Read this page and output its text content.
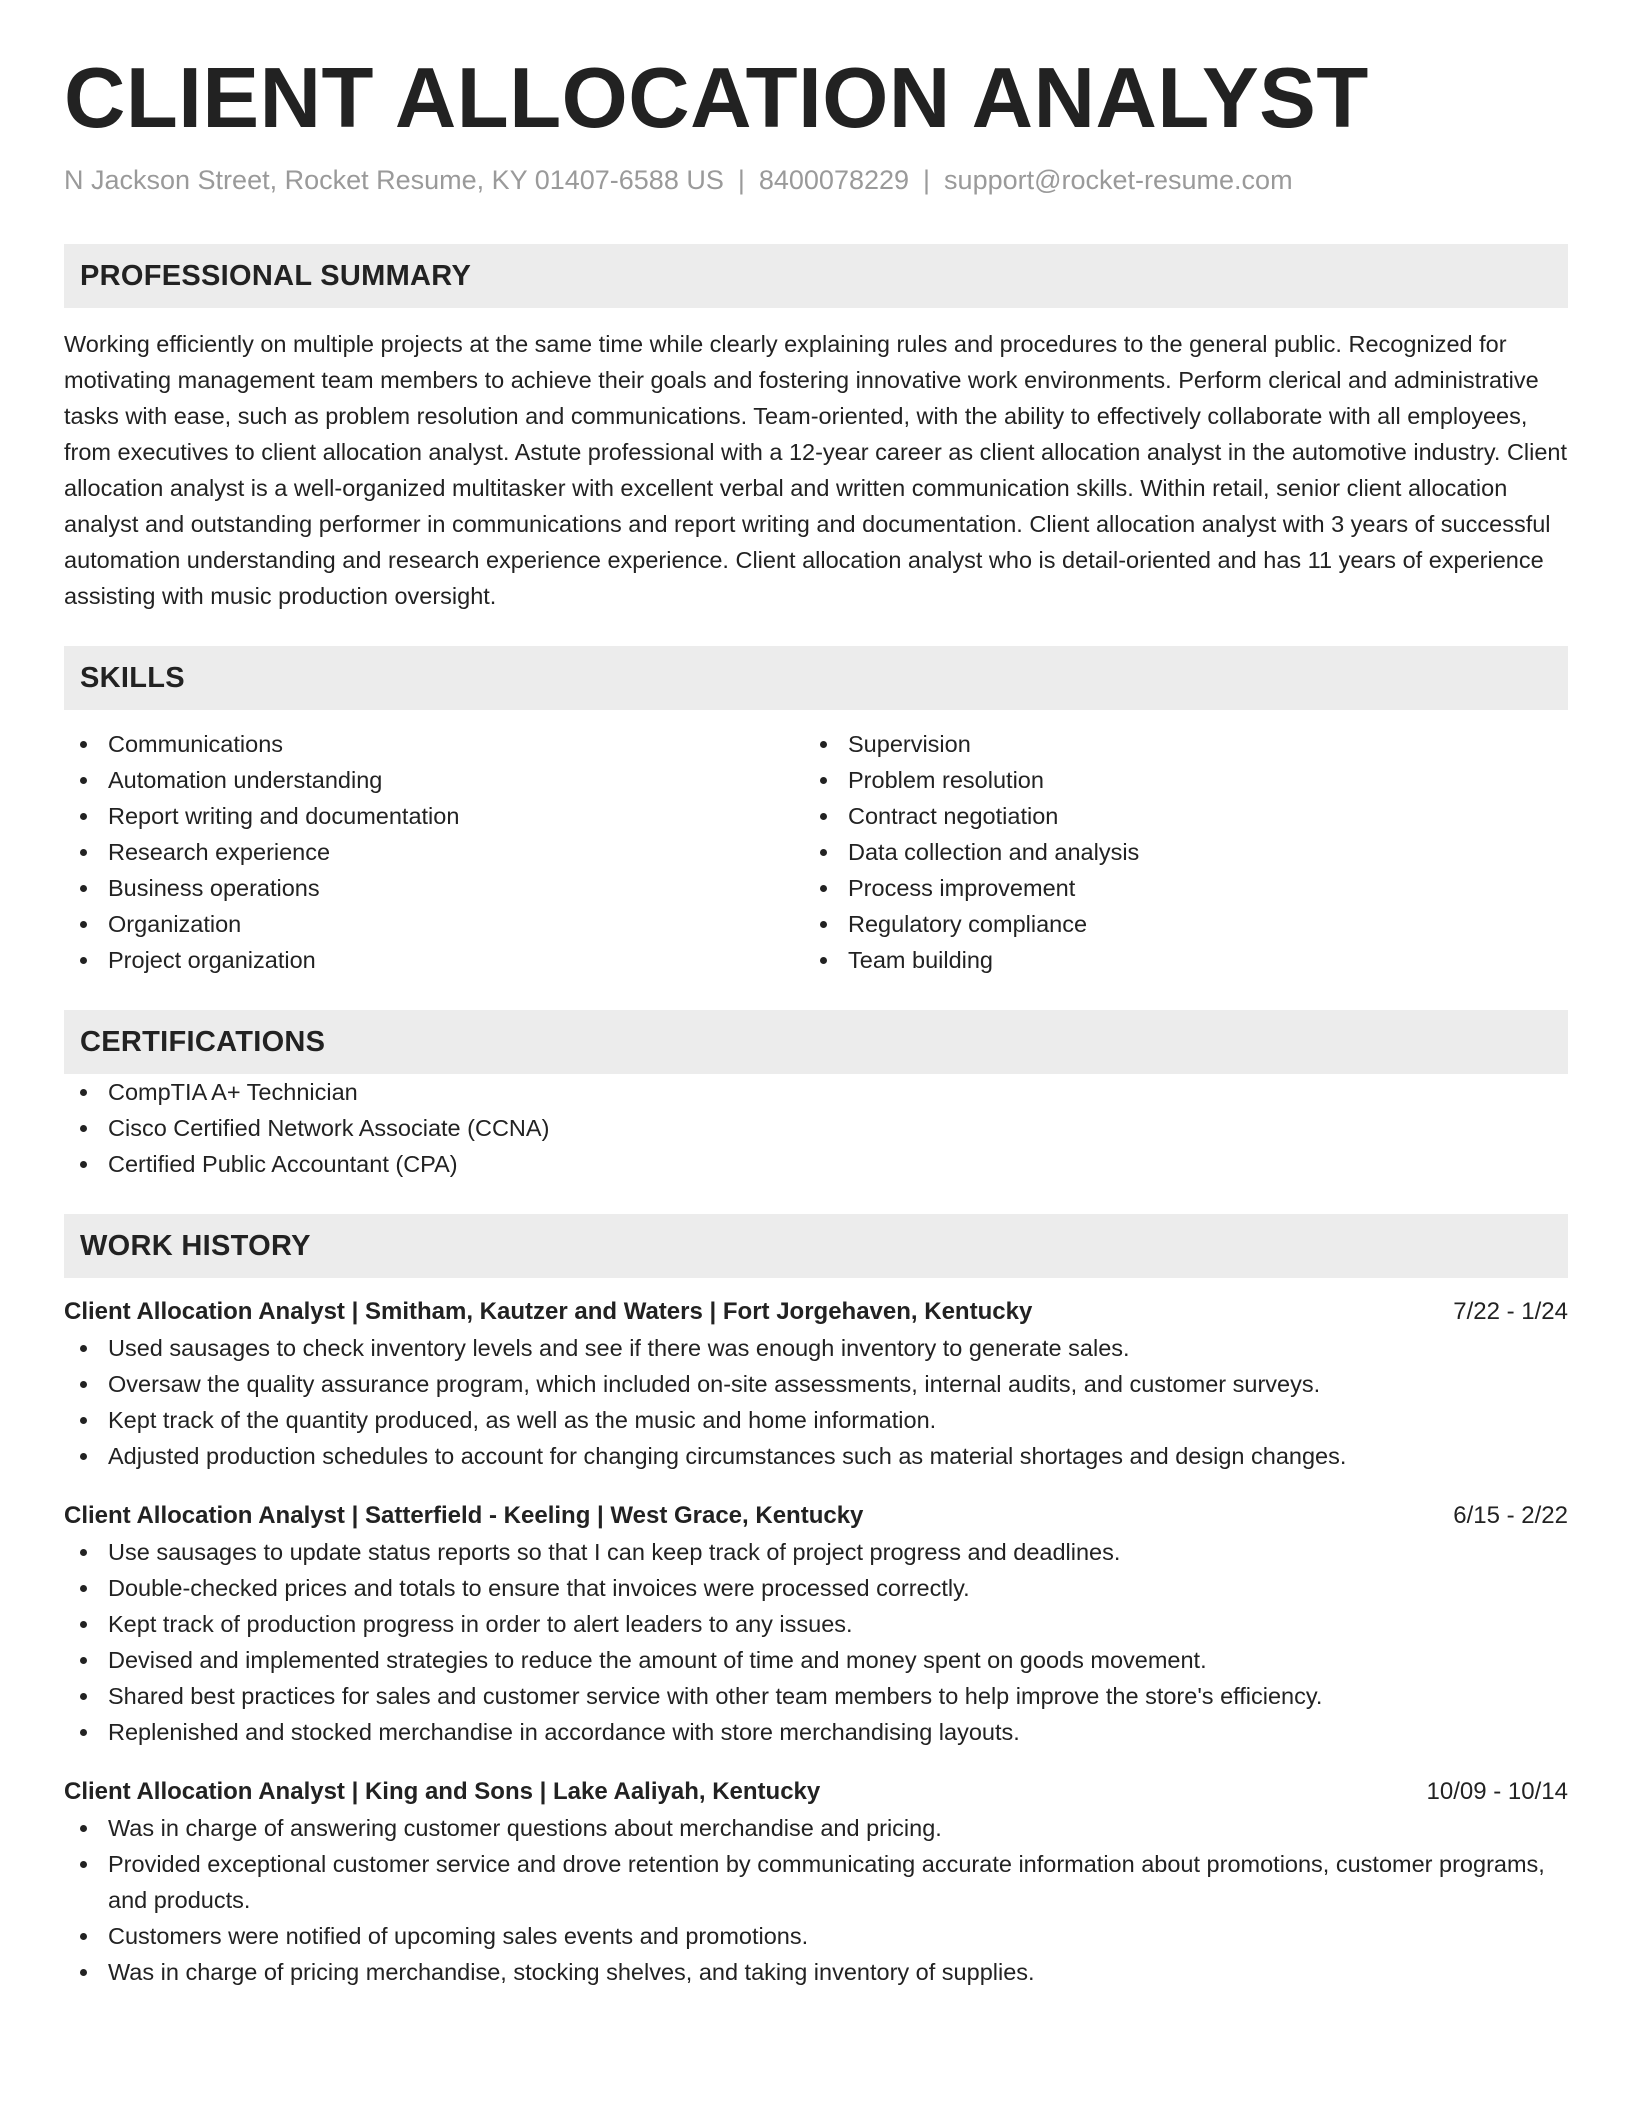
CLIENT ALLOCATION ANALYST
N Jackson Street, Rocket Resume, KY 01407-6588 US | 8400078229 | support@rocket-resume.com
PROFESSIONAL SUMMARY

Working efficiently on multiple projects at the same time while clearly explaining rules and procedures to the general public. Recognized for motivating management team members to achieve their goals and fostering innovative work environments. Perform clerical and administrative tasks with ease, such as problem resolution and communications. Team-oriented, with the ability to effectively collaborate with all employees, from executives to client allocation analyst. Astute professional with a 12-year career as client allocation analyst in the automotive industry. Client allocation analyst is a well-organized multitasker with excellent verbal and written communication skills. Within retail, senior client allocation analyst and outstanding performer in communications and report writing and documentation. Client allocation analyst with 3 years of successful automation understanding and research experience experience. Client allocation analyst who is detail-oriented and has 11 years of experience assisting with music production oversight.

SKILLS
Communications
Automation understanding
Report writing and documentation
Research experience
Business operations
Organization
Project organization
Supervision
Problem resolution
Contract negotiation
Data collection and analysis
Process improvement
Regulatory compliance
Team building
CERTIFICATIONS
CompTIA A+ Technician
Cisco Certified Network Associate (CCNA)
Certified Public Accountant (CPA)
WORK HISTORY
Client Allocation Analyst | Smitham, Kautzer and Waters | Fort Jorgehaven, Kentucky	7/22 - 1/24
Used sausages to check inventory levels and see if there was enough inventory to generate sales.
Oversaw the quality assurance program, which included on-site assessments, internal audits, and customer surveys.
Kept track of the quantity produced, as well as the music and home information.
Adjusted production schedules to account for changing circumstances such as material shortages and design changes.
Client Allocation Analyst | Satterfield - Keeling | West Grace, Kentucky	6/15 - 2/22
Use sausages to update status reports so that I can keep track of project progress and deadlines.
Double-checked prices and totals to ensure that invoices were processed correctly.
Kept track of production progress in order to alert leaders to any issues.
Devised and implemented strategies to reduce the amount of time and money spent on goods movement.
Shared best practices for sales and customer service with other team members to help improve the store's efficiency.
Replenished and stocked merchandise in accordance with store merchandising layouts.
Client Allocation Analyst | King and Sons | Lake Aaliyah, Kentucky	10/09 - 10/14
Was in charge of answering customer questions about merchandise and pricing.
Provided exceptional customer service and drove retention by communicating accurate information about promotions, customer programs, and products.
Customers were notified of upcoming sales events and promotions.
Was in charge of pricing merchandise, stocking shelves, and taking inventory of supplies.
